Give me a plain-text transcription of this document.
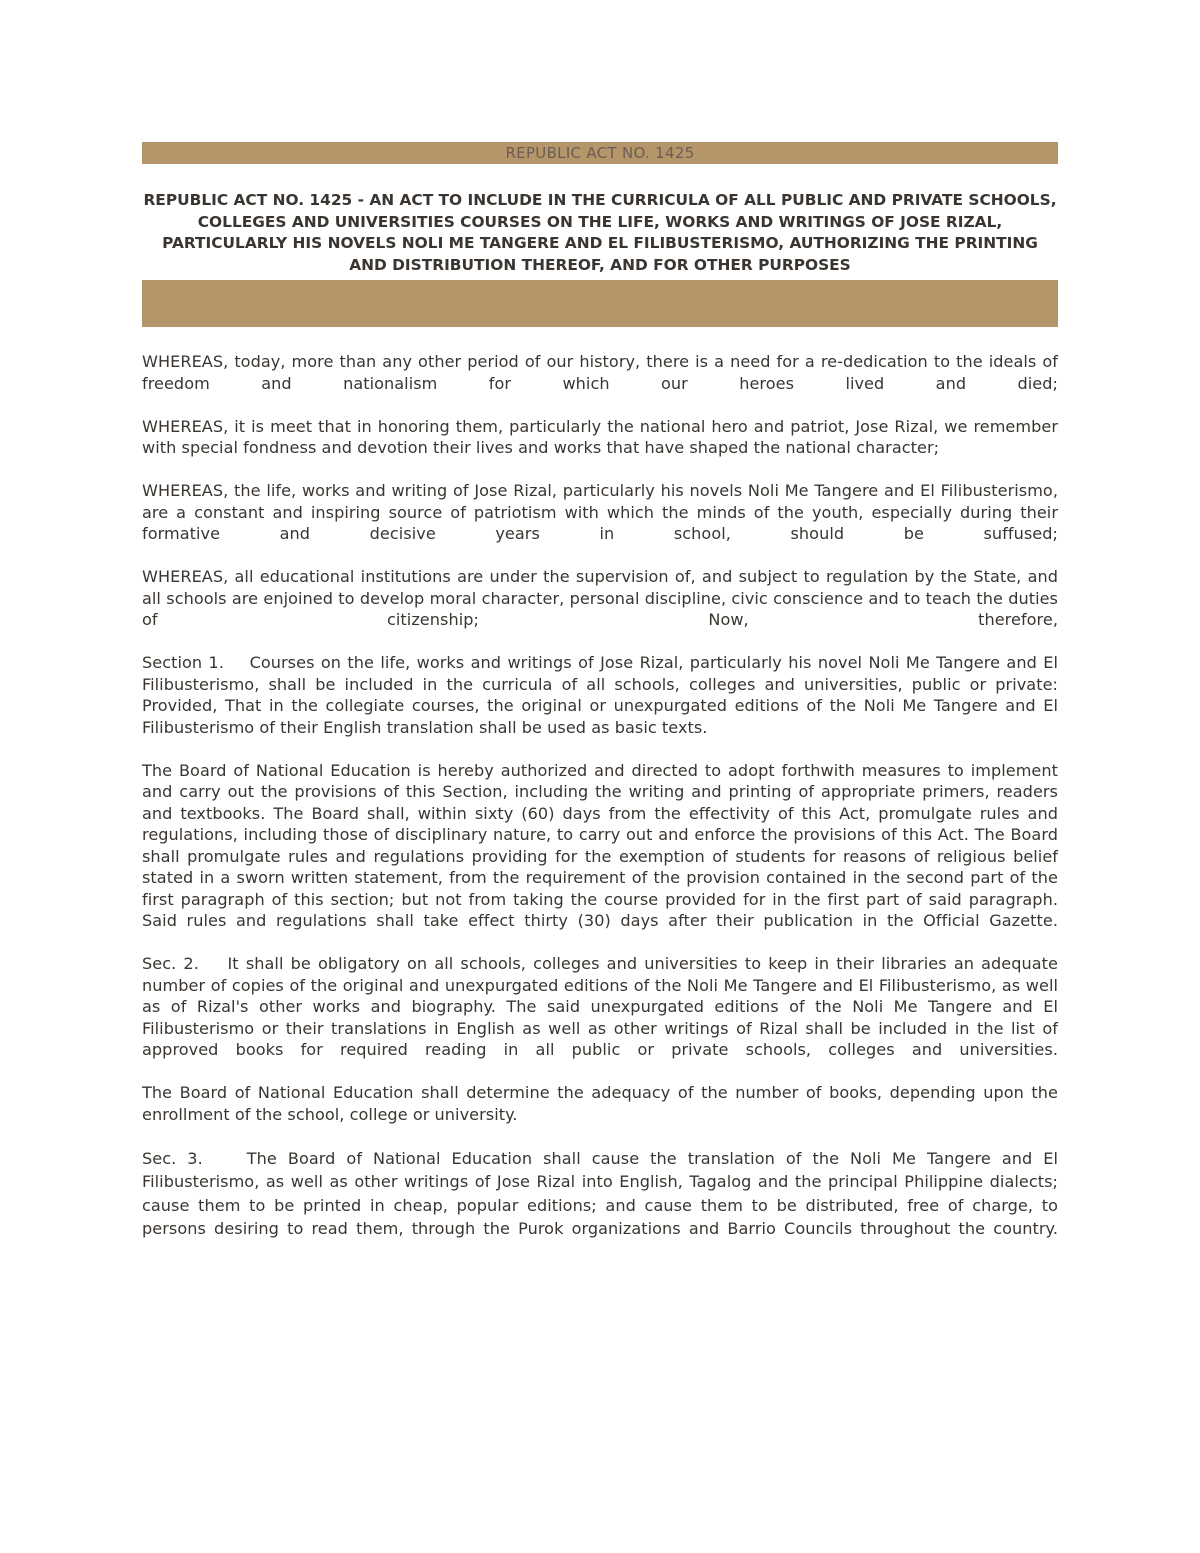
REPUBLIC ACT NO. 1425
REPUBLIC ACT NO. 1425 - AN ACT TO INCLUDE IN THE CURRICULA OF ALL PUBLIC AND PRIVATE SCHOOLS, COLLEGES AND UNIVERSITIES COURSES ON THE LIFE, WORKS AND WRITINGS OF JOSE RIZAL, PARTICULARLY HIS NOVELS NOLI ME TANGERE AND EL FILIBUSTERISMO, AUTHORIZING THE PRINTING AND DISTRIBUTION THEREOF, AND FOR OTHER PURPOSES

WHEREAS, today, more than any other period of our history, there is a need for a re-dedication to the ideals of freedom and nationalism for which our heroes lived and died;

WHEREAS, it is meet that in honoring them, particularly the national hero and patriot, Jose Rizal, we remember with special fondness and devotion their lives and works that have shaped the national character;

WHEREAS, the life, works and writing of Jose Rizal, particularly his novels Noli Me Tangere and El Filibusterismo, are a constant and inspiring source of patriotism with which the minds of the youth, especially during their formative and decisive years in school, should be suffused;

WHEREAS, all educational institutions are under the supervision of, and subject to regulation by the State, and all schools are enjoined to develop moral character, personal discipline, civic conscience and to teach the duties of citizenship; Now, therefore,

Section 1. Courses on the life, works and writings of Jose Rizal, particularly his novel Noli Me Tangere and El Filibusterismo, shall be included in the curricula of all schools, colleges and universities, public or private: Provided, That in the collegiate courses, the original or unexpurgated editions of the Noli Me Tangere and El Filibusterismo of their English translation shall be used as basic texts.

The Board of National Education is hereby authorized and directed to adopt forthwith measures to implement and carry out the provisions of this Section, including the writing and printing of appropriate primers, readers and textbooks. The Board shall, within sixty (60) days from the effectivity of this Act, promulgate rules and regulations, including those of disciplinary nature, to carry out and enforce the provisions of this Act. The Board shall promulgate rules and regulations providing for the exemption of students for reasons of religious belief stated in a sworn written statement, from the requirement of the provision contained in the second part of the first paragraph of this section; but not from taking the course provided for in the first part of said paragraph. Said rules and regulations shall take effect thirty (30) days after their publication in the Official Gazette.

Sec. 2. It shall be obligatory on all schools, colleges and universities to keep in their libraries an adequate number of copies of the original and unexpurgated editions of the Noli Me Tangere and El Filibusterismo, as well as of Rizal's other works and biography. The said unexpurgated editions of the Noli Me Tangere and El Filibusterismo or their translations in English as well as other writings of Rizal shall be included in the list of approved books for required reading in all public or private schools, colleges and universities.

The Board of National Education shall determine the adequacy of the number of books, depending upon the enrollment of the school, college or university.

Sec. 3.	The Board of National Education shall cause the translation of the Noli Me Tangere and El Filibusterismo, as well as other writings of Jose Rizal into English, Tagalog and the principal Philippine dialects; cause them to be printed in cheap, popular editions; and cause them to be distributed, free of charge, to persons desiring to read them, through the Purok organizations and Barrio Councils throughout the country.
